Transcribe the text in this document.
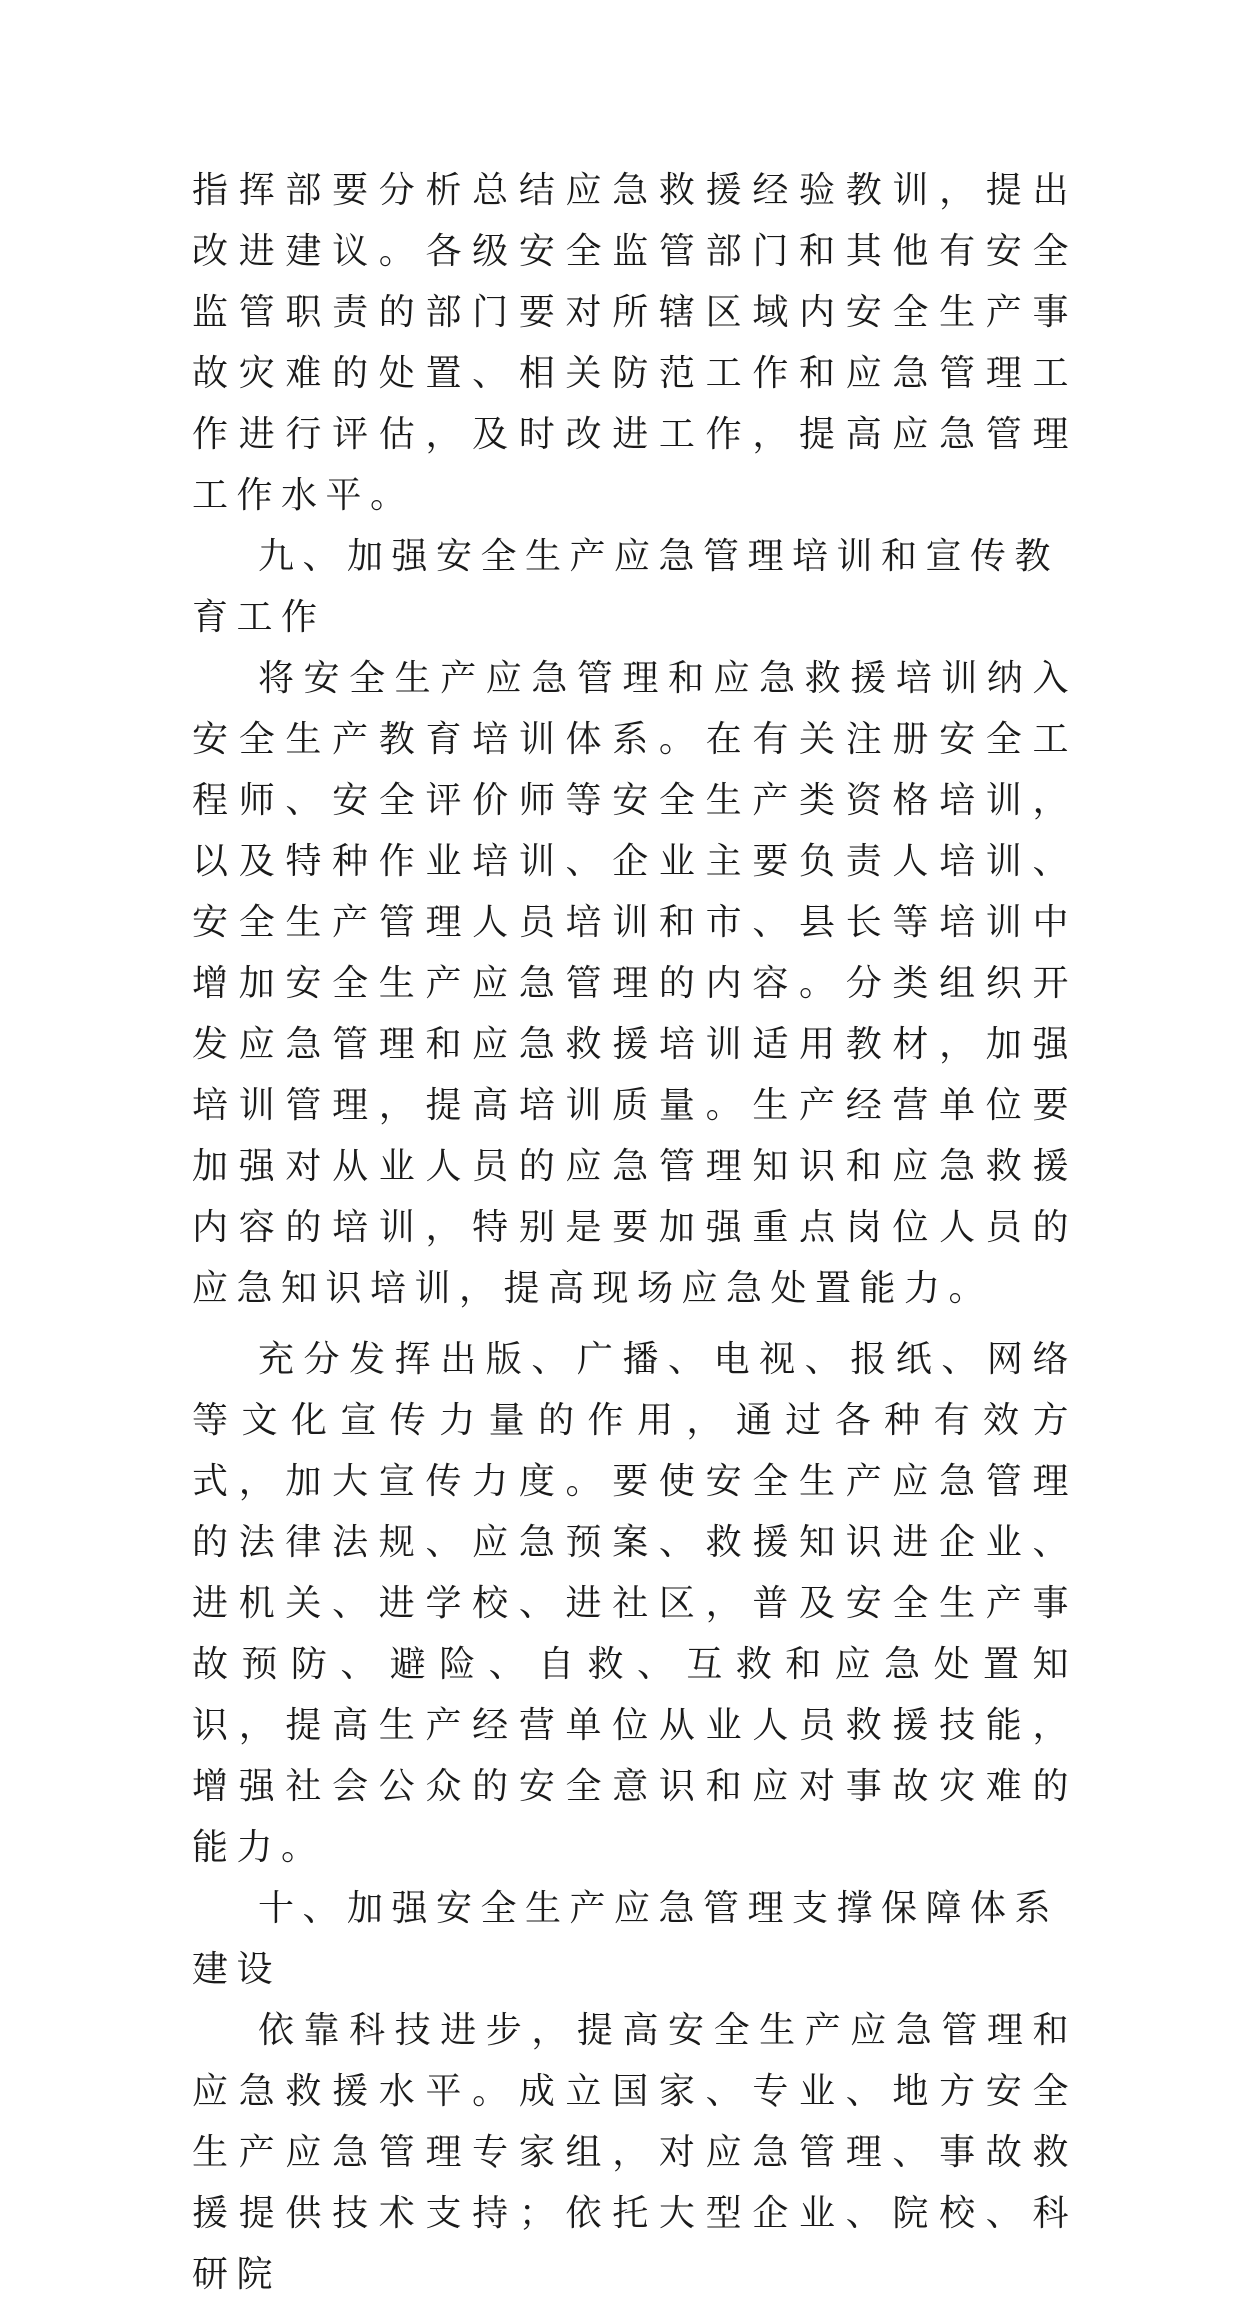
指挥部要分析总结应急救援经验教训，提出改进建议。各级安全监管部门和其他有安全监管职责的部门要对所辖区域内安全生产事故灾难的处置、相关防范工作和应急管理工作进行评估，及时改进工作，提高应急管理工作水平。

九、加强安全生产应急管理培训和宣传教育工作

将安全生产应急管理和应急救援培训纳入安全生产教育培训体系。在有关注册安全工程师、安全评价师等安全生产类资格培训，以及特种作业培训、企业主要负责人培训、安全生产管理人员培训和市、县长等培训中增加安全生产应急管理的内容。分类组织开发应急管理和应急救援培训适用教材，加强培训管理，提高培训质量。生产经营单位要加强对从业人员的应急管理知识和应急救援内容的培训，特别是要加强重点岗位人员的应急知识培训，提高现场应急处置能力。

充分发挥出版、广播、电视、报纸、网络等文化宣传力量的作用，通过各种有效方式，加大宣传力度。要使安全生产应急管理的法律法规、应急预案、救援知识进企业、进机关、进学校、进社区，普及安全生产事故预防、避险、自救、互救和应急处置知识，提高生产经营单位从业人员救援技能，增强社会公众的安全意识和应对事故灾难的能力。

十、加强安全生产应急管理支撑保障体系建设

依靠科技进步，提高安全生产应急管理和应急救援水平。成立国家、专业、地方安全生产应急管理专家组，对应急管理、事故救援提供技术支持；依托大型企业、院校、科研院
